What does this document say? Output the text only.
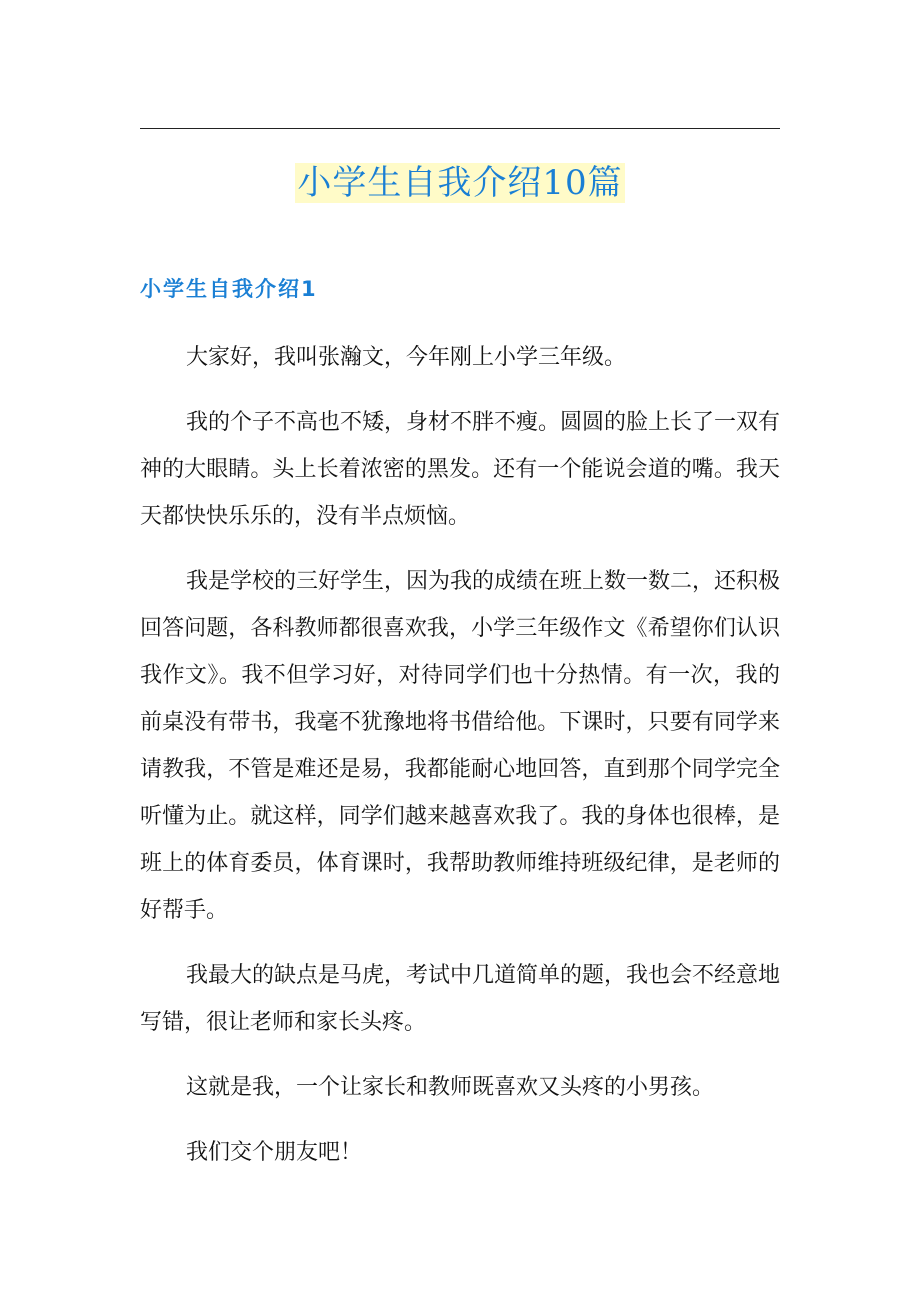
小学生自我介绍10篇
小学生自我介绍1

大家好，我叫张瀚文，今年刚上小学三年级。

我的个子不高也不矮，身材不胖不瘦。圆圆的脸上长了一双有神的大眼睛。头上长着浓密的黑发。还有一个能说会道的嘴。我天天都快快乐乐的，没有半点烦恼。

我是学校的三好学生，因为我的成绩在班上数一数二，还积极回答问题，各科教师都很喜欢我，小学三年级作文《希望你们认识我作文》。我不但学习好，对待同学们也十分热情。有一次，我的前桌没有带书，我毫不犹豫地将书借给他。下课时，只要有同学来请教我，不管是难还是易，我都能耐心地回答，直到那个同学完全听懂为止。就这样，同学们越来越喜欢我了。我的身体也很棒，是班上的体育委员，体育课时，我帮助教师维持班级纪律，是老师的好帮手。

我最大的缺点是马虎，考试中几道简单的题，我也会不经意地写错，很让老师和家长头疼。

这就是我，一个让家长和教师既喜欢又头疼的小男孩。

我们交个朋友吧！
